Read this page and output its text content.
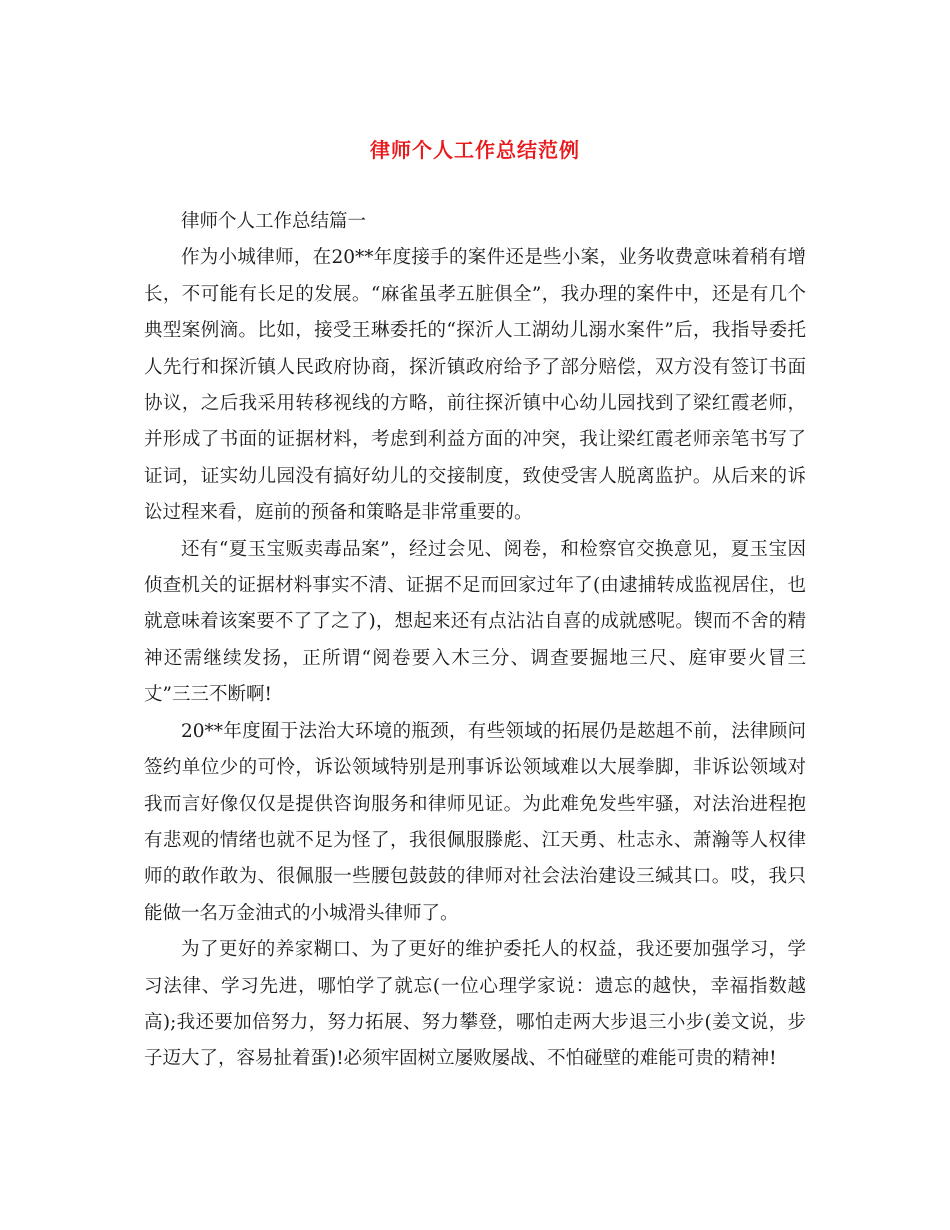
律师个人工作总结范例

律师个人工作总结篇一

作为小城律师，在20**年度接手的案件还是些小案，业务收费意味着稍有增长，不可能有长足的发展。“麻雀虽孝五脏俱全”，我办理的案件中，还是有几个典型案例滴。比如，接受王琳委托的“探沂人工湖幼儿溺水案件”后，我指导委托人先行和探沂镇人民政府协商，探沂镇政府给予了部分赔偿，双方没有签订书面协议，之后我采用转移视线的方略，前往探沂镇中心幼儿园找到了梁红霞老师，并形成了书面的证据材料，考虑到利益方面的冲突，我让梁红霞老师亲笔书写了证词，证实幼儿园没有搞好幼儿的交接制度，致使受害人脱离监护。从后来的诉讼过程来看，庭前的预备和策略是非常重要的。

还有“夏玉宝贩卖毒品案”，经过会见、阅卷，和检察官交换意见，夏玉宝因侦查机关的证据材料事实不清、证据不足而回家过年了(由逮捕转成监视居住，也就意味着该案要不了了之了)，想起来还有点沾沾自喜的成就感呢。锲而不舍的精神还需继续发扬，正所谓“阅卷要入木三分、调查要掘地三尺、庭审要火冒三丈”三三不断啊!

20**年度囿于法治大环境的瓶颈，有些领域的拓展仍是趑趄不前，法律顾问签约单位少的可怜，诉讼领域特别是刑事诉讼领域难以大展拳脚，非诉讼领域对我而言好像仅仅是提供咨询服务和律师见证。为此难免发些牢骚，对法治进程抱有悲观的情绪也就不足为怪了，我很佩服滕彪、江天勇、杜志永、萧瀚等人权律师的敢作敢为、很佩服一些腰包鼓鼓的律师对社会法治建设三缄其口。哎，我只能做一名万金油式的小城滑头律师了。

为了更好的养家糊口、为了更好的维护委托人的权益，我还要加强学习，学习法律、学习先进，哪怕学了就忘(一位心理学家说：遗忘的越快，幸福指数越高);我还要加倍努力，努力拓展、努力攀登，哪怕走两大步退三小步(姜文说，步子迈大了，容易扯着蛋)!必须牢固树立屡败屡战、不怕碰壁的难能可贵的精神!
